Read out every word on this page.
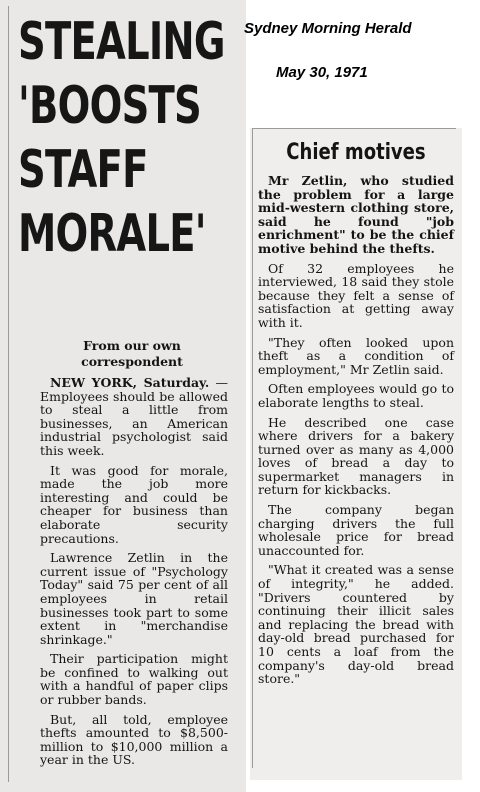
STEALING
'BOOSTS
STAFF
MORALE'
From our own correspondent

NEW YORK, Saturday. — Employees should be allowed to steal a little from businesses, an American industrial psychologist said this week.

It was good for morale, made the job more interesting and could be cheaper for business than elaborate security precautions.

Lawrence Zetlin in the current issue of "Psychology Today" said 75 per cent of all employees in retail businesses took part to some extent in "merchandise shrinkage."

Their participation might be confined to walking out with a handful of paper clips or rubber bands.

But, all told, employee thefts amounted to $8,500-million to $10,000 million a year in the US.

Chief motives

Mr Zetlin, who studied the problem for a large mid-western clothing store, said he found "job enrichment" to be the chief motive behind the thefts.

Of 32 employees he interviewed, 18 said they stole because they felt a sense of satisfaction at getting away with it.

"They often looked upon theft as a condition of employment," Mr Zetlin said.

Often employees would go to elaborate lengths to steal.

He described one case where drivers for a bakery turned over as many as 4,000 loves of bread a day to supermarket managers in return for kickbacks.

The company began charging drivers the full wholesale price for bread unaccounted for.

"What it created was a sense of integrity," he added. "Drivers countered by continuing their illicit sales and replacing the bread with day-old bread purchased for 10 cents a loaf from the company's day-old bread store."

Sydney Morning Herald
May 30, 1971
